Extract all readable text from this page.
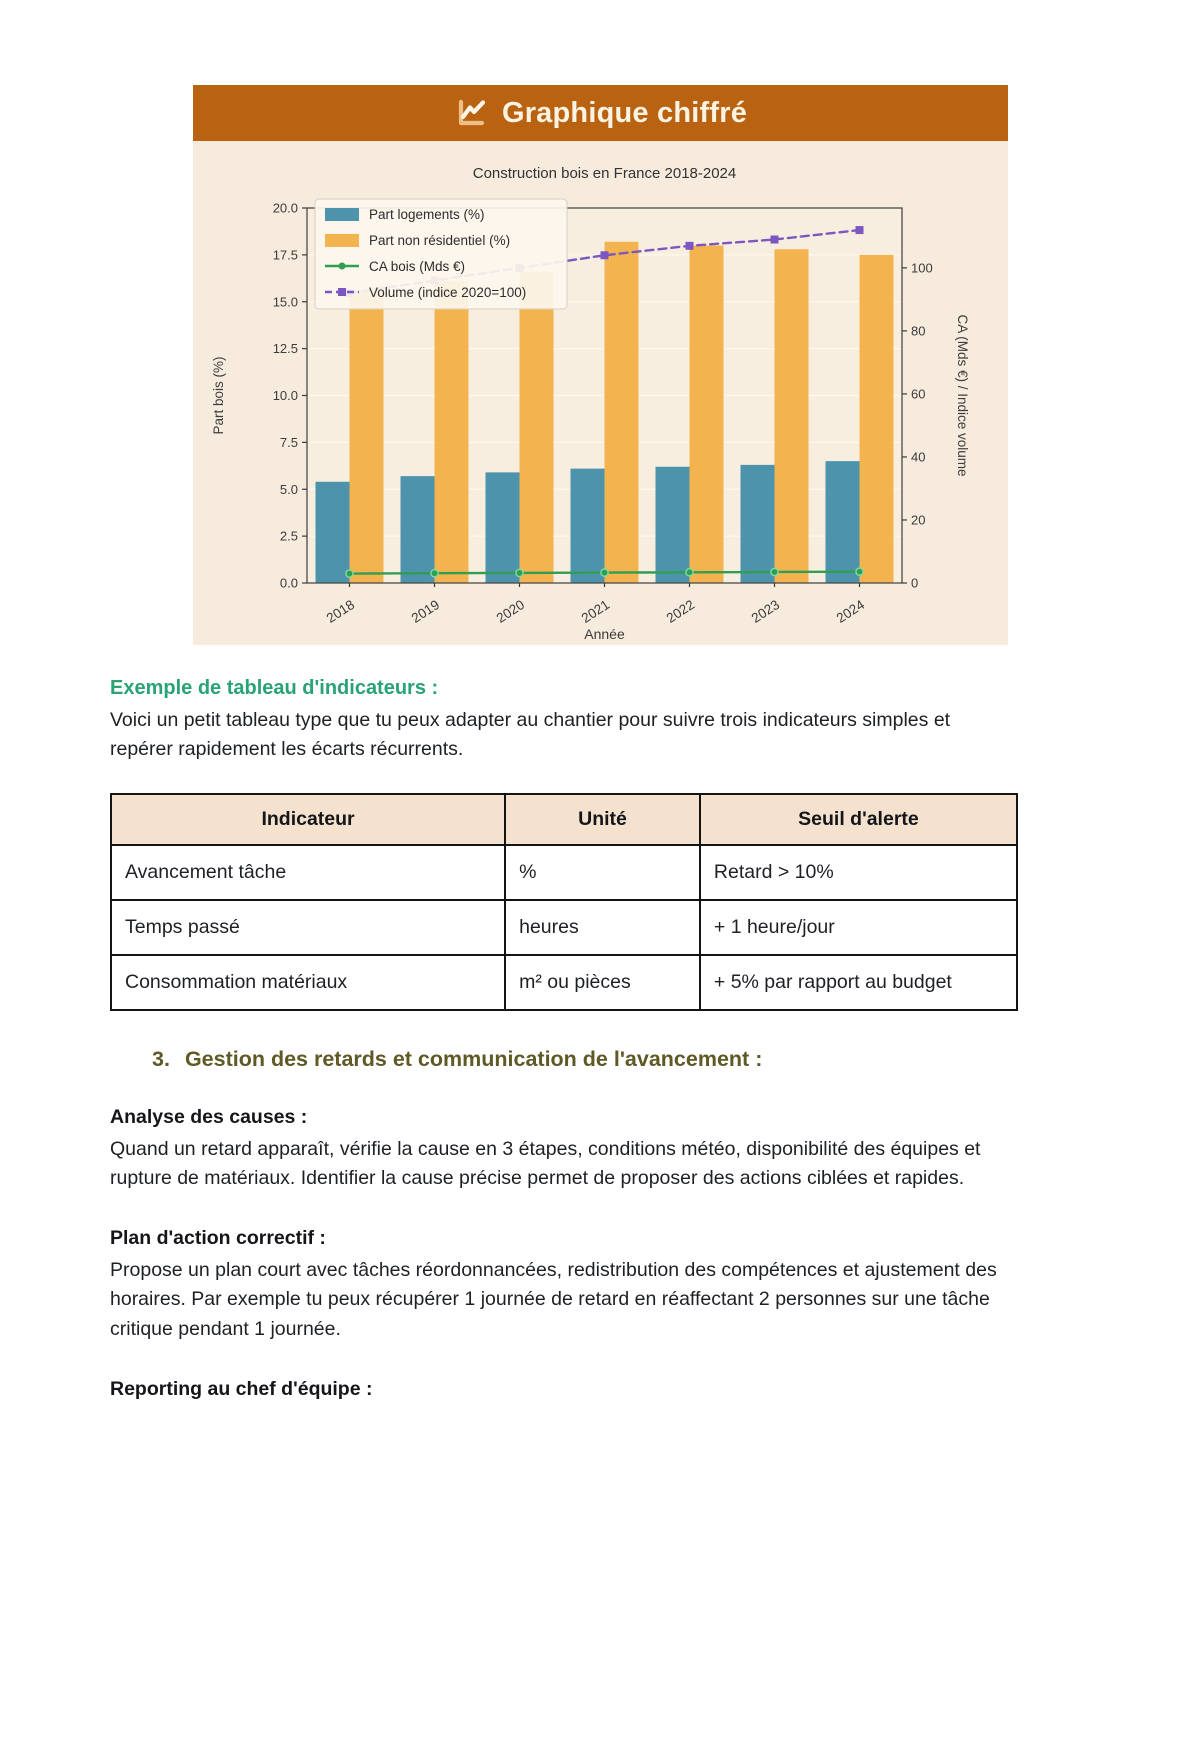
Graphique chiffré
0.0
2.5
5.0
7.5
10.0
12.5
15.0
17.5
20.0
0
20
40
60
80
100
2018	2019	2020	2021	2022	2023	2024
Construction bois en France 2018-2024
Année
Part bois (%)	CA (Mds €) / Indice volume
Part logements (%)
Part non résidentiel (%)
CA bois (Mds €)
Volume (indice 2020=100)
Exemple de tableau d'indicateurs :

Voici un petit tableau type que tu peux adapter au chantier pour suivre trois indicateurs simples et repérer rapidement les écarts récurrents.

Indicateur	Unité	Seuil d'alerte
Avancement tâche	%	Retard > 10%
Temps passé	heures	+ 1 heure/jour
Consommation matériaux	m² ou pièces	+ 5% par rapport au budget
3. Gestion des retards et communication de l'avancement :
Analyse des causes :

Quand un retard apparaît, vérifie la cause en 3 étapes, conditions météo, disponibilité des équipes et rupture de matériaux. Identifier la cause précise permet de proposer des actions ciblées et rapides.

Plan d'action correctif :

Propose un plan court avec tâches réordonnancées, redistribution des compétences et ajustement des horaires. Par exemple tu peux récupérer 1 journée de retard en réaffectant 2 personnes sur une tâche critique pendant 1 journée.

Reporting au chef d'équipe :
